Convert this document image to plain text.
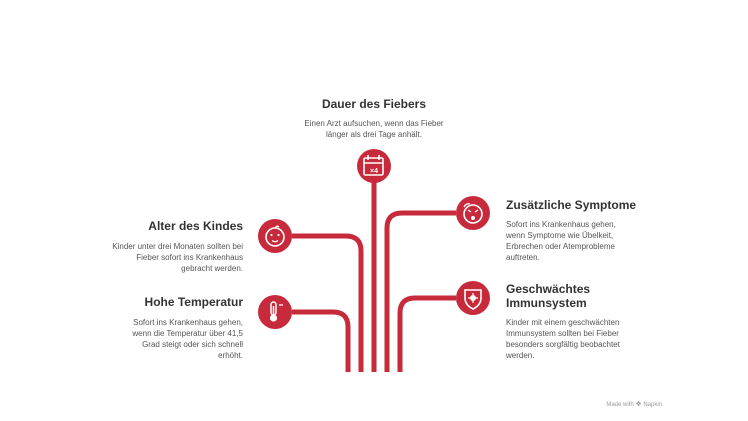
×4
Dauer des Fiebers
Einen Arzt aufsuchen, wenn das Fieber länger als drei Tage anhält.
Alter des Kindes
Kinder unter drei Monaten sollten bei Fieber sofort ins Krankenhaus gebracht werden.
Hohe Temperatur
Sofort ins Krankenhaus gehen, wenn die Temperatur über 41,5 Grad steigt oder sich schnell erhöht.
Zusätzliche Symptome
Sofort ins Krankenhaus gehen, wenn Symptome wie Übelkeit, Erbrechen oder Atemprobleme auftreten.
Geschwächtes Immunsystem
Kinder mit einem geschwächten Immunsystem sollten bei Fieber besonders sorgfältig beobachtet werden.
Made with ❖ Napkin
